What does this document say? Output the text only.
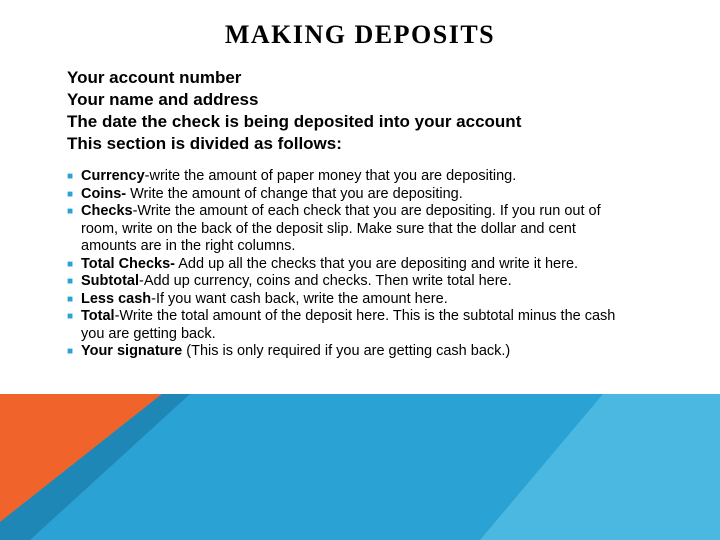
MAKING DEPOSITS
Your account number
Your name and address
The date the check is being deposited into your account
This section is divided as follows:
■ Currency-write the amount of paper money that you are depositing.
■ Coins- Write the amount of change that you are depositing.
■ Checks-Write the amount of each check that you are depositing. If you run out of room, write on the back of the deposit slip. Make sure that the dollar and cent amounts are in the right columns.
■ Total Checks- Add up all the checks that you are depositing and write it here.
■ Subtotal-Add up currency, coins and checks. Then write total here.
■ Less cash-If you want cash back, write the amount here.
■ Total-Write the total amount of the deposit here. This is the subtotal minus the cash you are getting back.
■ Your signature (This is only required if you are getting cash back.)
